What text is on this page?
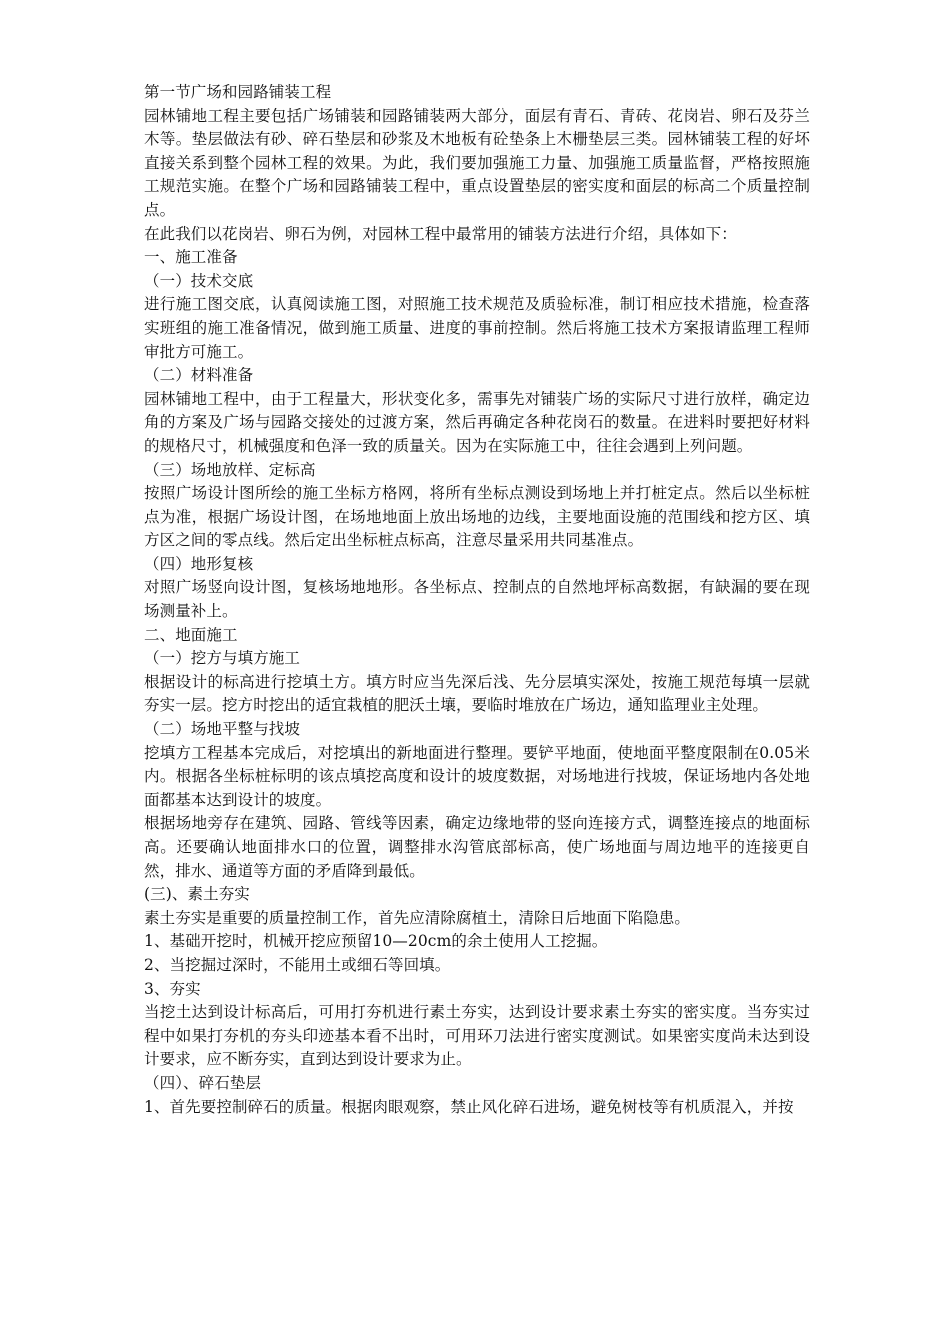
第一节广场和园路铺装工程

园林铺地工程主要包括广场铺装和园路铺装两大部分，面层有青石、青砖、花岗岩、卵石及芬兰木等。垫层做法有砂、碎石垫层和砂浆及木地板有砼垫条上木栅垫层三类。园林铺装工程的好坏直接关系到整个园林工程的效果。为此，我们要加强施工力量、加强施工质量监督，严格按照施工规范实施。在整个广场和园路铺装工程中，重点设置垫层的密实度和面层的标高二个质量控制点。

在此我们以花岗岩、卵石为例，对园林工程中最常用的铺装方法进行介绍，具体如下：

一、施工准备

（一）技术交底

进行施工图交底，认真阅读施工图，对照施工技术规范及质验标准，制订相应技术措施，检查落实班组的施工准备情况，做到施工质量、进度的事前控制。然后将施工技术方案报请监理工程师审批方可施工。

（二）材料准备

园林铺地工程中，由于工程量大，形状变化多，需事先对铺装广场的实际尺寸进行放样，确定边角的方案及广场与园路交接处的过渡方案，然后再确定各种花岗石的数量。在进料时要把好材料的规格尺寸，机械强度和色泽一致的质量关。因为在实际施工中，往往会遇到上列问题。

（三）场地放样、定标高

按照广场设计图所绘的施工坐标方格网，将所有坐标点测设到场地上并打桩定点。然后以坐标桩点为准，根据广场设计图，在场地地面上放出场地的边线，主要地面设施的范围线和挖方区、填方区之间的零点线。然后定出坐标桩点标高，注意尽量采用共同基准点。

（四）地形复核

对照广场竖向设计图，复核场地地形。各坐标点、控制点的自然地坪标高数据，有缺漏的要在现场测量补上。

二、地面施工

（一）挖方与填方施工

根据设计的标高进行挖填土方。填方时应当先深后浅、先分层填实深处，按施工规范每填一层就夯实一层。挖方时挖出的适宜栽植的肥沃土壤，要临时堆放在广场边，通知监理业主处理。

（二）场地平整与找坡

挖填方工程基本完成后，对挖填出的新地面进行整理。要铲平地面，使地面平整度限制在0.05米内。根据各坐标桩标明的该点填挖高度和设计的坡度数据，对场地进行找坡，保证场地内各处地面都基本达到设计的坡度。

根据场地旁存在建筑、园路、管线等因素，确定边缘地带的竖向连接方式，调整连接点的地面标高。还要确认地面排水口的位置，调整排水沟管底部标高，使广场地面与周边地平的连接更自然，排水、通道等方面的矛盾降到最低。

(三)、素土夯实

素土夯实是重要的质量控制工作，首先应清除腐植土，清除日后地面下陷隐患。

1、基础开挖时，机械开挖应预留10—20cm的余土使用人工挖掘。

2、当挖掘过深时，不能用土或细石等回填。

3、夯实

当挖土达到设计标高后，可用打夯机进行素土夯实，达到设计要求素土夯实的密实度。当夯实过程中如果打夯机的夯头印迹基本看不出时，可用环刀法进行密实度测试。如果密实度尚未达到设计要求，应不断夯实，直到达到设计要求为止。

（四）、碎石垫层

1、首先要控制碎石的质量。根据肉眼观察，禁止风化碎石进场，避免树枝等有机质混入，并按
